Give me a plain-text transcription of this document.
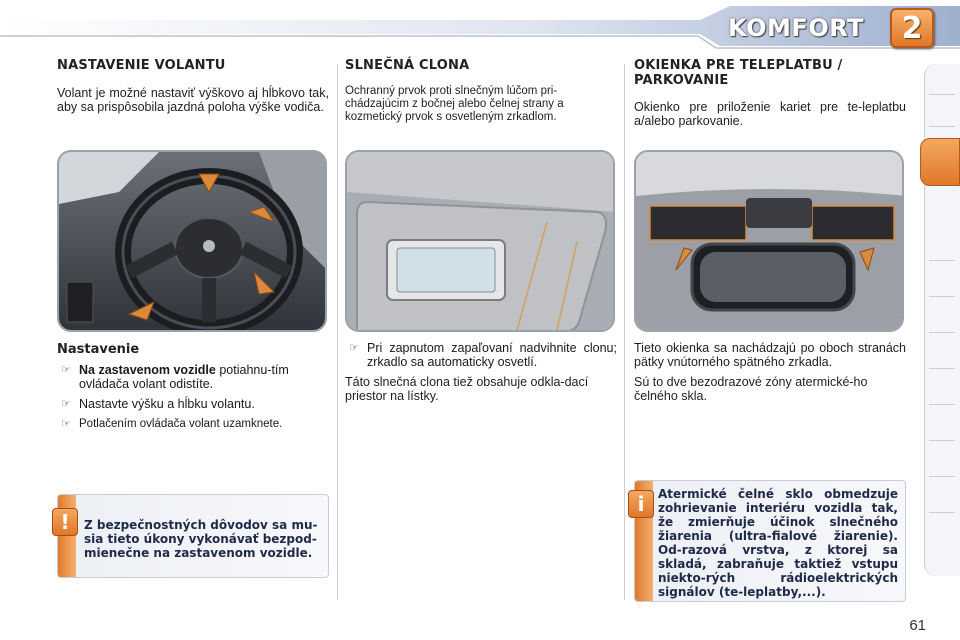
KOMFORT	2
NASTAVENIE VOLANTU

Volant je možné nastaviť výškovo aj hĺbkovo tak, aby sa prispôsobila jazdná poloha výške vodiča.

Nastavenie
☞ Na zastavenom vozidle potiahnu-tím ovládača volant odistíte.
☞ Nastavte výšku a hĺbku volantu.
☞ Potlačením ovládača volant uzamknete.
!	Z bezpečnostných dôvodov sa mu-sia tieto úkony vykonávať bezpod-mienečne na zastavenom vozidle.
SLNEČNÁ CLONA

Ochranný prvok proti slnečným lúčom pri-chádzajúcim z bočnej alebo čelnej strany a kozmetický prvok s osvetleným zrkadlom.

☞ Pri zapnutom zapaľovaní nadvihnite clonu; zrkadlo sa automaticky osvetlí.

Táto slnečná clona tiež obsahuje odkla-dací priestor na lístky.

OKIENKA PRE TELEPLATBU / PARKOVANIE

Okienko pre priloženie kariet pre te-leplatbu a/alebo parkovanie.

Tieto okienka sa nachádzajú po oboch stranách pätky vnútorného spätného zrkadla.

Sú to dve bezodrazové zóny atermické-ho čelného skla.

i	Atermické čelné sklo obmedzuje zohrievanie interiéru vozidla tak, že zmierňuje účinok slnečného žiarenia (ultra-fialové žiarenie). Od-razová vrstva, z ktorej sa skladá, zabraňuje taktiež vstupu niekto-rých rádioelektrických signálov (te-leplatby,...).
61
